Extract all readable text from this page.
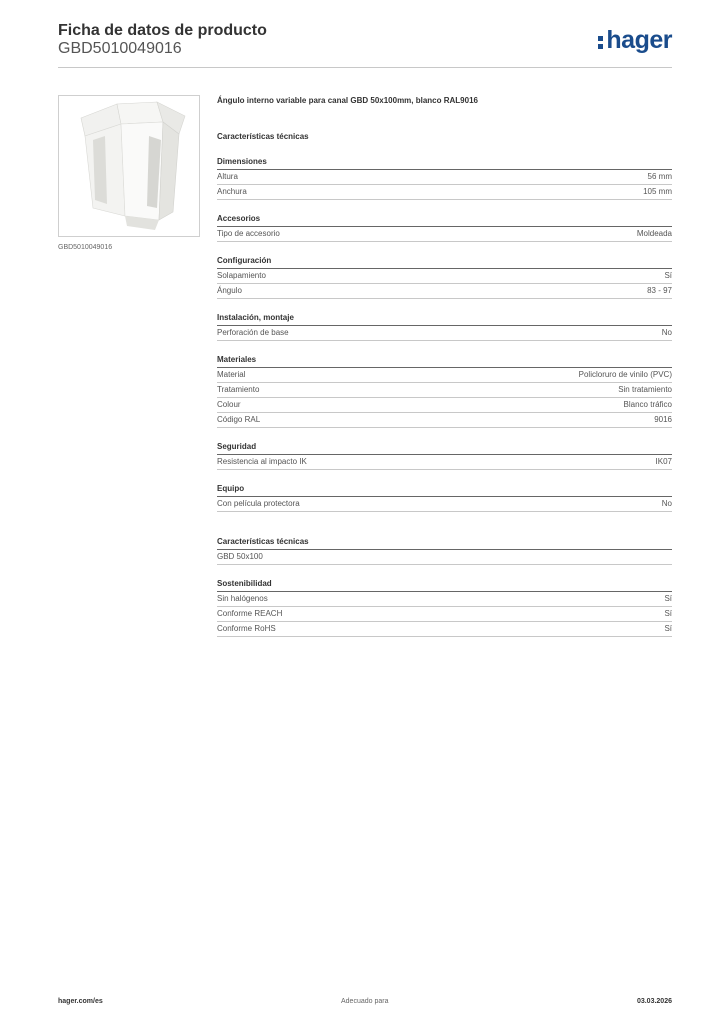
Ficha de datos de producto
GBD5010049016	hager
GBD5010049016
Ángulo interno variable para canal GBD 50x100mm, blanco RAL9016
Características técnicas
Dimensiones
Altura	56 mm
Anchura	105 mm
Accesorios
Tipo de accesorio	Moldeada
Configuración
Solapamiento	Sí
Ángulo	83 - 97
Instalación, montaje
Perforación de base	No
Materiales
Material	Policloruro de vinilo (PVC)
Tratamiento	Sin tratamiento
Colour	Blanco tráfico
Código RAL	9016
Seguridad
Resistencia al impacto IK	IK07
Equipo
Con película protectora	No
Características técnicas
GBD 50x100
Sostenibilidad
Sin halógenos	Sí
Conforme REACH	Sí
Conforme RoHS	Sí
hager.com/es	Adecuado para	03.03.2026
